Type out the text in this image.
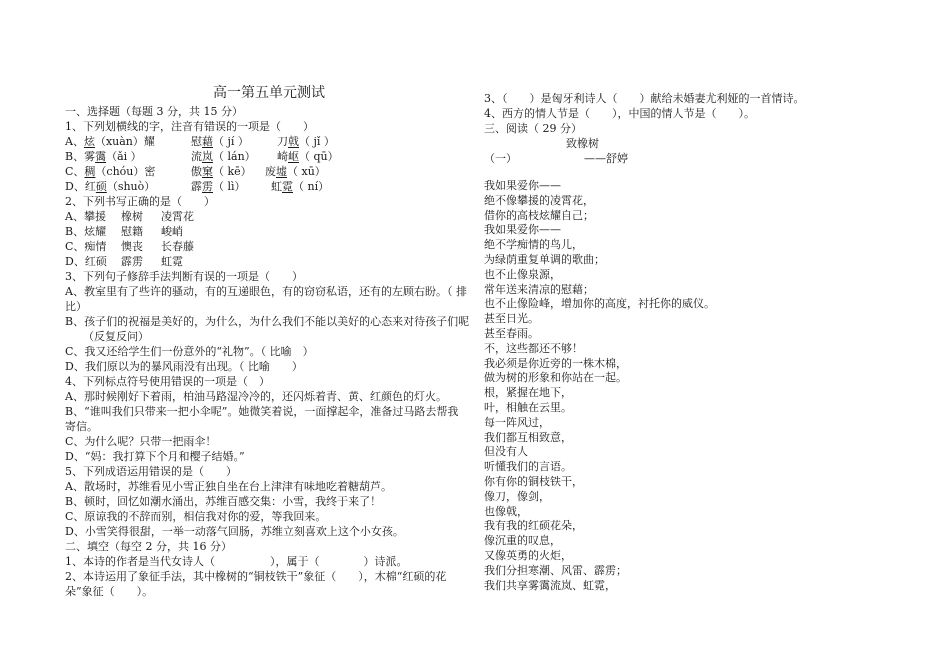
高一第五单元测试
一、选择题（每题 3 分，共 15 分）
1、下列划横线的字，注音有错误的一项是（　　）
A、炫（xuàn）耀	慰藉（ jí ）	刀戟（ jǐ ）
B、雾霭（ǎi ）	流岚（ lán） 崎岖（ qū）
C、稠（chóu）密	傲窠（ kē） 废墟（ xū）
D、红硕（shuò）	霹雳（ lì） 虹霓（ ní）
2、下列书写正确的是（　　）
A、攀援 橡树 凌霄花
B、炫耀 慰籍 峻峭
C、痴情 懊丧 长春藤
D、红硕 霹雳 虹霓
3、下列句子修辞手法判断有误的一项是（　　）
A、教室里有了些许的骚动，有的互递眼色，有的窃窃私语，还有的左顾右盼。（ 排
比）
B、孩子们的祝福是美好的，为什么，为什么我们不能以美好的心态来对待孩子们呢
（反复反问）
C、我又还给学生们一份意外的“礼物”。（ 比喻　）
D、我们原以为的暴风雨没有出现。（ 比喻　　）
4、下列标点符号使用错误的一项是（　）
A、那时候刚好下着雨，柏油马路湿冷冷的，还闪烁着青、黄、红颜色的灯火。
B、“谁叫我们只带来一把小伞呢”。她微笑着说，一面撑起伞，准备过马路去帮我
寄信。
C、为什么呢？只带一把雨伞！
D、“妈：我打算下个月和樱子结婚。”
5、下列成语运用错误的是（　　）
A、散场时，苏维看见小雪正独自坐在台上津津有味地吃着糖葫芦。
B、顿时，回忆如潮水涌出，苏维百感交集：小雪，我终于来了！
C、原谅我的不辞而别，相信我对你的爱，等我回来。
D、小雪笑得很甜，一举一动落气回肠，苏维立刻喜欢上这个小女孩。
二、填空（每空 2 分，共 16 分）
1、本诗的作者是当代女诗人（　　　　　），属于（　　　　）诗派。
2、本诗运用了象征手法，其中橡树的“铜枝铁干”象征（　　），木棉“红硕的花
朵”象征（　　）。
3、（　　）是匈牙利诗人（　　）献给未婚妻尤利娅的一首情诗。
4、西方的情人节是（　　），中国的情人节是（　　）。
三、阅读（ 29 分）
致橡树
（一）	——舒婷
我如果爱你——
绝不像攀援的凌霄花，
借你的高枝炫耀自己；
我如果爱你——
绝不学痴情的鸟儿，
为绿荫重复单调的歌曲；
也不止像泉源，
常年送来清凉的慰藉；
也不止像险峰，增加你的高度，衬托你的威仪。
甚至日光。
甚至春雨。
不，这些都还不够！
我必须是你近旁的一株木棉，
做为树的形象和你站在一起。
根，紧握在地下，
叶，相触在云里。
每一阵风过，
我们都互相致意，
但没有人
听懂我们的言语。
你有你的铜枝铁干，
像刀，像剑，
也像戟，
我有我的红硕花朵，
像沉重的叹息，
又像英勇的火炬，
我们分担寒潮、风雷、霹雳；
我们共享雾霭流岚、虹霓，
